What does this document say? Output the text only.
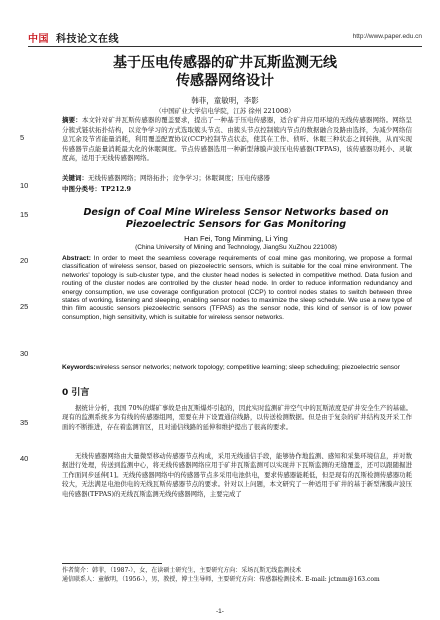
中国 科技论文在线	http://www.paper.edu.cn
基于压电传感器的矿井瓦斯监测无线
传感器网络设计
韩菲，童敏明，李影
（中国矿业大学信电学院，江苏 徐州 221008）
摘要：本文针对矿井瓦斯传感器的覆盖要求，提出了一种基于压电传感器，适合矿井应用环境的无线传感器网络。网络呈分簇式链状拓扑结构，以竞争学习的方式选取簇头节点、由簇头节点控制簇内节点的数据融合及路由选择，为减少网络信息冗余及节省能量消耗，利用覆盖配置协议(CCP)控制节点状态，使其在工作、侦听、休眠三种状态之间转换，从而实现传感器节点能量消耗最大化的休眠调度。节点传感器选用一种新型薄膜声波压电传感器(TFPAS)，该传感器功耗小、灵敏度高，适用于无线传感器网络。
关键词：无线传感器网络；网络拓扑；竞争学习；休眠调度；压电传感器
中图分类号：TP212.9
Design of Coal Mine Wireless Sensor Networks based on
Piezoelectric Sensors for Gas Monitoring
Han Fei, Tong Minming, Li Ying
(China University of Mining and Technology, JiangSu XuZhou 221008)
Abstract: In order to meet the seamless coverage requirements of coal mine gas monitoring, we propose a formal classification of wireless sensor, based on piezoelectric sensors, which is suitable for the coal mine environment. The networks' topology is sub-cluster type, and the cluster head nodes is selected in competitive method. Data fusion and routing of the cluster nodes are controlled by the cluster head node. In order to reduce information redundancy and energy consumption, we use coverage configuration protocol (CCP) to control nodes states to switch between three states of working, listening and sleeping, enabling sensor nodes to maximize the sleep schedule. We use a new type of thin film acoustic sensors piezoelectric sensors (TFPAS) as the sensor node, this kind of sensor is of low power consumption, high sensitivity, which is suitable for wireless sensor networks.
Keywords:wireless sensor networks; network topology; competitive learning; sleep scheduling; piezoelectric sensor
0 引言
据统计分析，我国 70%的煤矿事故是由瓦斯爆炸引起的，因此实时监测矿井空气中的瓦斯浓度是矿井安全生产的基础。现有的监测系统多为有线的传感器组网，需要在井下设置通信线路，以传送检测数据。但是由于复杂的矿井结构及开采工作面的不断推进，存在着监测盲区，且对通信线路的延伸和维护提出了很高的要求。
无线传感器网络由大量微型移动传感器节点构成，采用无线通信手段，能够协作地监测、感知和采集环境信息，并对数据进行处理，传送到监测中心，将无线传感器网络应用于矿井瓦斯监测可以实现井下瓦斯监测的无缝覆盖，还可以跟随掘进工作面同步延伸[1]。无线传感器网络中的传感器节点多采用电池供电，要求传感器能耗低，但是现有的瓦斯检测传感器功耗较大，无法满足电池供电的无线瓦斯传感器节点的要求。针对以上问题，本文研究了一种适用于矿井的基于新型薄膜声波压电传感器(TFPAS)的无线瓦斯监测无线传感器网络，主要完成了
作者简介：韩菲，（1987-），女，在读硕士研究生，主要研究方向：采场瓦斯无线监测技术
通信联系人：童敏明，（1956-），男，教授，博士生导师，主要研究方向：传感器检测技术. E-mail: jctmm@163.com
5
10
15
20
25
30
35
40
-1-
